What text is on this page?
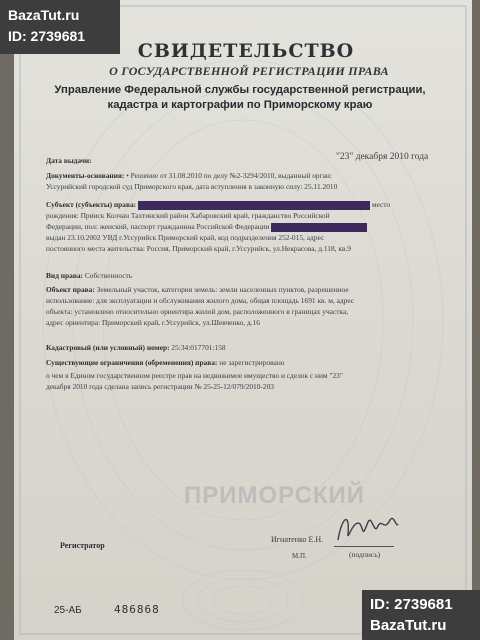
СВИДЕТЕЛЬСТВО
О ГОСУДАРСТВЕННОЙ РЕГИСТРАЦИИ ПРАВА
Управление Федеральной службы государственной регистрации,
кадастра и картографии по Приморскому краю
Дата выдачи:	"23" декабря 2010 года
Документы-основания: • Решение от 31.08.2010 по делу №2-3294/2010, выданный орган:
Уссурийский городской суд Приморского края, дата вступления в законную силу: 25.11.2010
Субъект (субъекты) права:	место
рождения: Прииск Колчан Тахтинский район Хабаровский край, гражданство Российской
Федерации, пол: женский, паспорт гражданина Российской Федерации
выдан 23.10.2002 УВД г.Уссурийск Приморский край, код подразделения 252-015, адрес
постоянного места жительства: Россия, Приморский край, г.Уссурийск, ул.Некрасова, д.118, кв.9
Вид права: Собственность
Объект права: Земельный участок, категория земель: земли населенных пунктов, разрешенное
использование: для эксплуатации и обслуживания жилого дома, общая площадь 1691 кв. м, адрес
объекта: установлено относительно ориентира жилой дом, расположенного в границах участка,
адрес ориентира: Приморский край, г.Уссурийск, ул.Шевченко, д.16
Кадастровый (или условный) номер: 25:34:017701:158
Существующие ограничения (обременения) права: не зарегистрировано
о чем в Едином государственном реестре прав на недвижимое имущество и сделок с ним "23"
декабря 2010 года сделана запись регистрации № 25-25-12/079/2010-203
ПРИМОРСКИЙ
Регистратор
Игнатенко Е.Н.
М.П.	(подпись)
25-АБ	486868
BazaTut.ru
ID: 2739681
ID: 2739681
BazaTut.ru
